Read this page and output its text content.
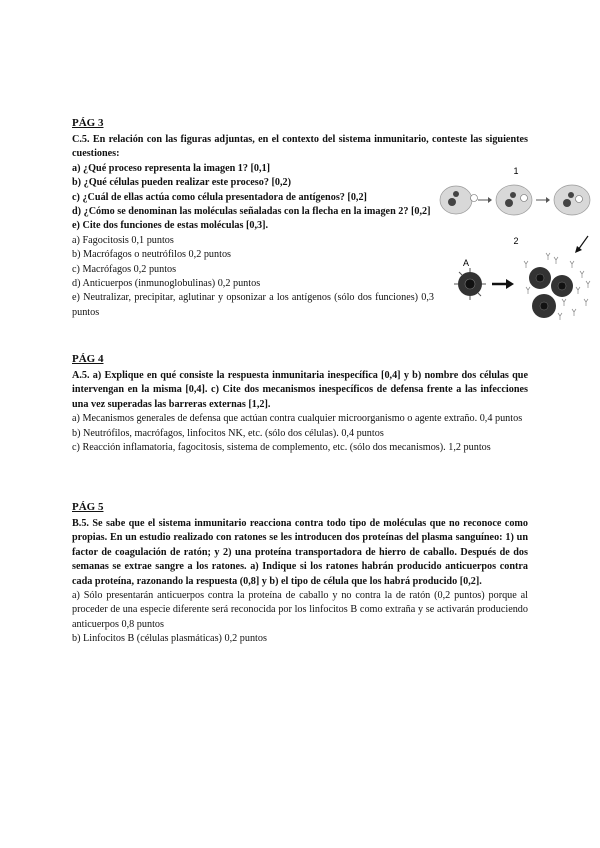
PÁG 3

C.5. En relación con las figuras adjuntas, en el contexto del sistema inmunitario, conteste las siguientes cuestiones:

a) ¿Qué proceso representa la imagen 1? [0,1]

b) ¿Qué células pueden realizar este proceso? [0,2)

c) ¿Cuál de ellas actúa como célula presentadora de antígenos? [0,2]

d) ¿Cómo se denominan las moléculas señaladas con la flecha en la imagen 2? [0,2]

e) Cite dos funciones de estas moléculas [0,3].

a) Fagocitosis 0,1 puntos

b) Macrófagos o neutrófilos 0,2 puntos

c) Macrófagos 0,2 puntos

d) Anticuerpos (inmunoglobulinas) 0,2 puntos

e) Neutralizar, precipitar, aglutinar y opsonizar a los antígenos (sólo dos funciones) 0,3 puntos

1
2
A

PÁG 4

A.5. a) Explique en qué consiste la respuesta inmunitaria inespecífica [0,4] y b) nombre dos células que intervengan en la misma [0,4]. c) Cite dos mecanismos inespecíficos de defensa frente a las infecciones una vez superadas las barreras externas [1,2].

a) Mecanismos generales de defensa que actúan contra cualquier microorganismo o agente extraño. 0,4 puntos

b) Neutrófilos, macrófagos, linfocitos NK, etc. (sólo dos células). 0,4 puntos

c) Reacción inflamatoria, fagocitosis, sistema de complemento, etc. (sólo dos mecanismos). 1,2 puntos

PÁG 5

B.5. Se sabe que el sistema inmunitario reacciona contra todo tipo de moléculas que no reconoce como propias. En un estudio realizado con ratones se les introducen dos proteínas del plasma sanguíneo: 1) un factor de coagulación de ratón; y 2) una proteína transportadora de hierro de caballo. Después de dos semanas se extrae sangre a los ratones. a) Indique si los ratones habrán producido anticuerpos contra cada proteína, razonando la respuesta (0,8] y b) el tipo de célula que los habrá producido [0,2].

a) Sólo presentarán anticuerpos contra la proteína de caballo y no contra la de ratón (0,2 puntos) porque al proceder de una especie diferente será reconocida por los linfocitos B como extraña y se activarán produciendo anticuerpos 0,8 puntos

b) Linfocitos B (células plasmáticas) 0,2 puntos
